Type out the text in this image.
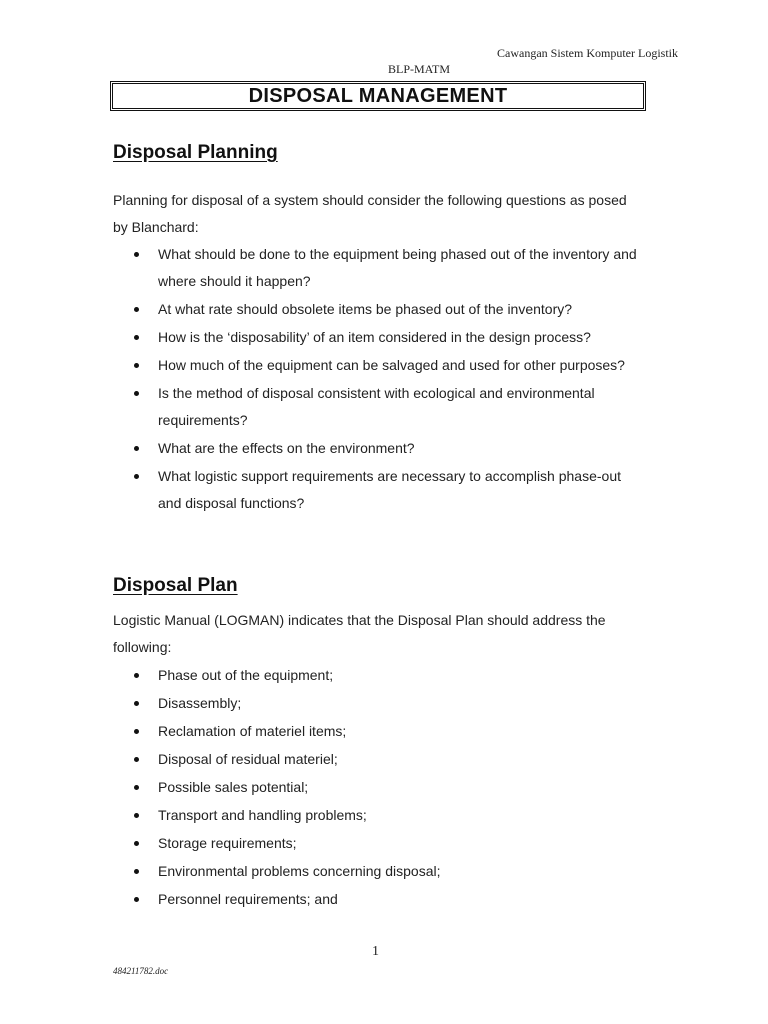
Cawangan Sistem Komputer Logistik
BLP-MATM
DISPOSAL MANAGEMENT
Disposal Planning

Planning for disposal of a system should consider the following questions as posed by Blanchard:

What should be done to the equipment being phased out of the inventory and where should it happen?
At what rate should obsolete items be phased out of the inventory?
How is the ‘disposability’ of an item considered in the design process?
How much of the equipment can be salvaged and used for other purposes?
Is the method of disposal consistent with ecological and environmental requirements?
What are the effects on the environment?
What logistic support requirements are necessary to accomplish phase-out and disposal functions?
Disposal Plan

Logistic Manual (LOGMAN) indicates that the Disposal Plan should address the following:

Phase out of the equipment;
Disassembly;
Reclamation of materiel items;
Disposal of residual materiel;
Possible sales potential;
Transport and handling problems;
Storage requirements;
Environmental problems concerning disposal;
Personnel requirements; and
1
484211782.doc
